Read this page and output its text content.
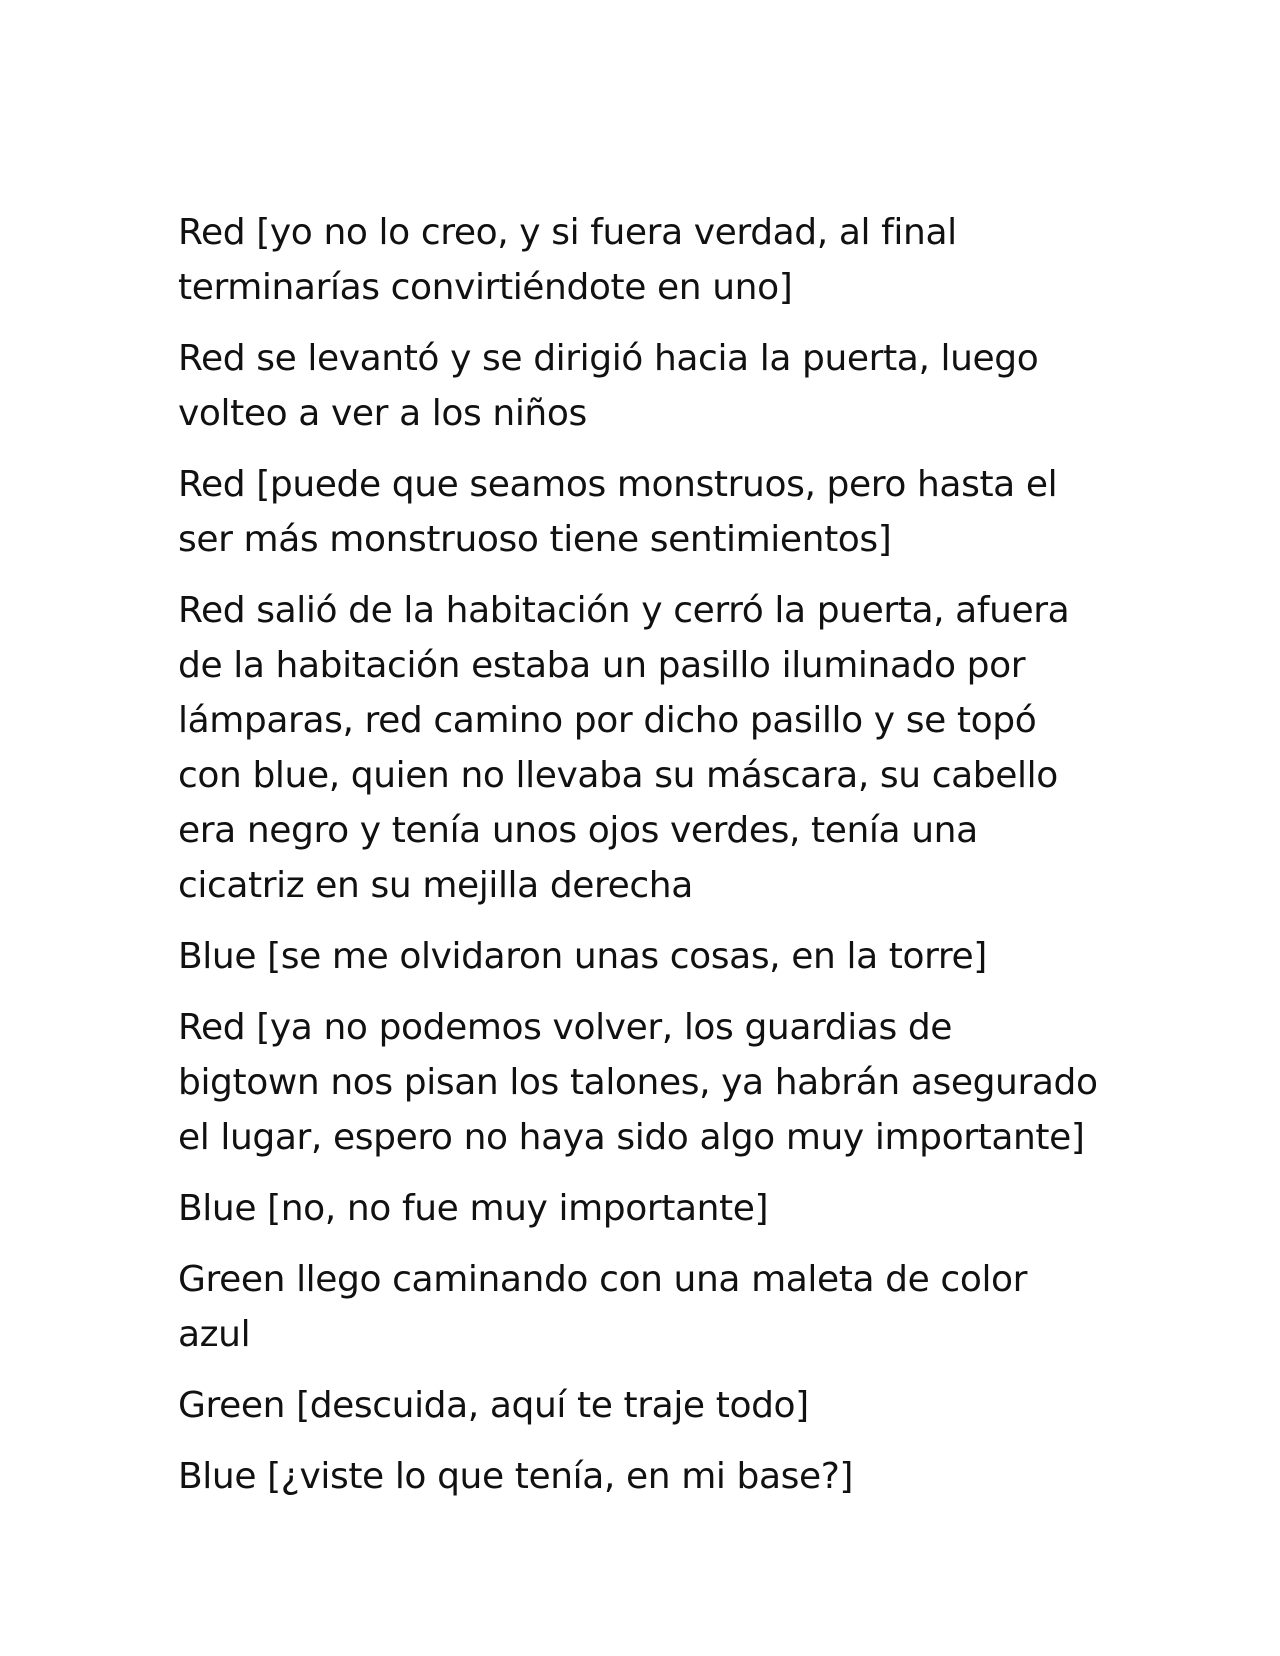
Red [yo no lo creo, y si fuera verdad, al final terminarías convirtiéndote en uno]

Red se levantó y se dirigió hacia la puerta, luego volteo a ver a los niños

Red [puede que seamos monstruos, pero hasta el ser más monstruoso tiene sentimientos]

Red salió de la habitación y cerró la puerta, afuera de la habitación estaba un pasillo iluminado por lámparas, red camino por dicho pasillo y se topó con blue, quien no llevaba su máscara, su cabello era negro y tenía unos ojos verdes, tenía una cicatriz en su mejilla derecha

Blue [se me olvidaron unas cosas, en la torre]

Red [ya no podemos volver, los guardias de bigtown nos pisan los talones, ya habrán asegurado el lugar, espero no haya sido algo muy importante]

Blue [no, no fue muy importante]

Green llego caminando con una maleta de color azul

Green [descuida, aquí te traje todo]

Blue [¿viste lo que tenía, en mi base?]
